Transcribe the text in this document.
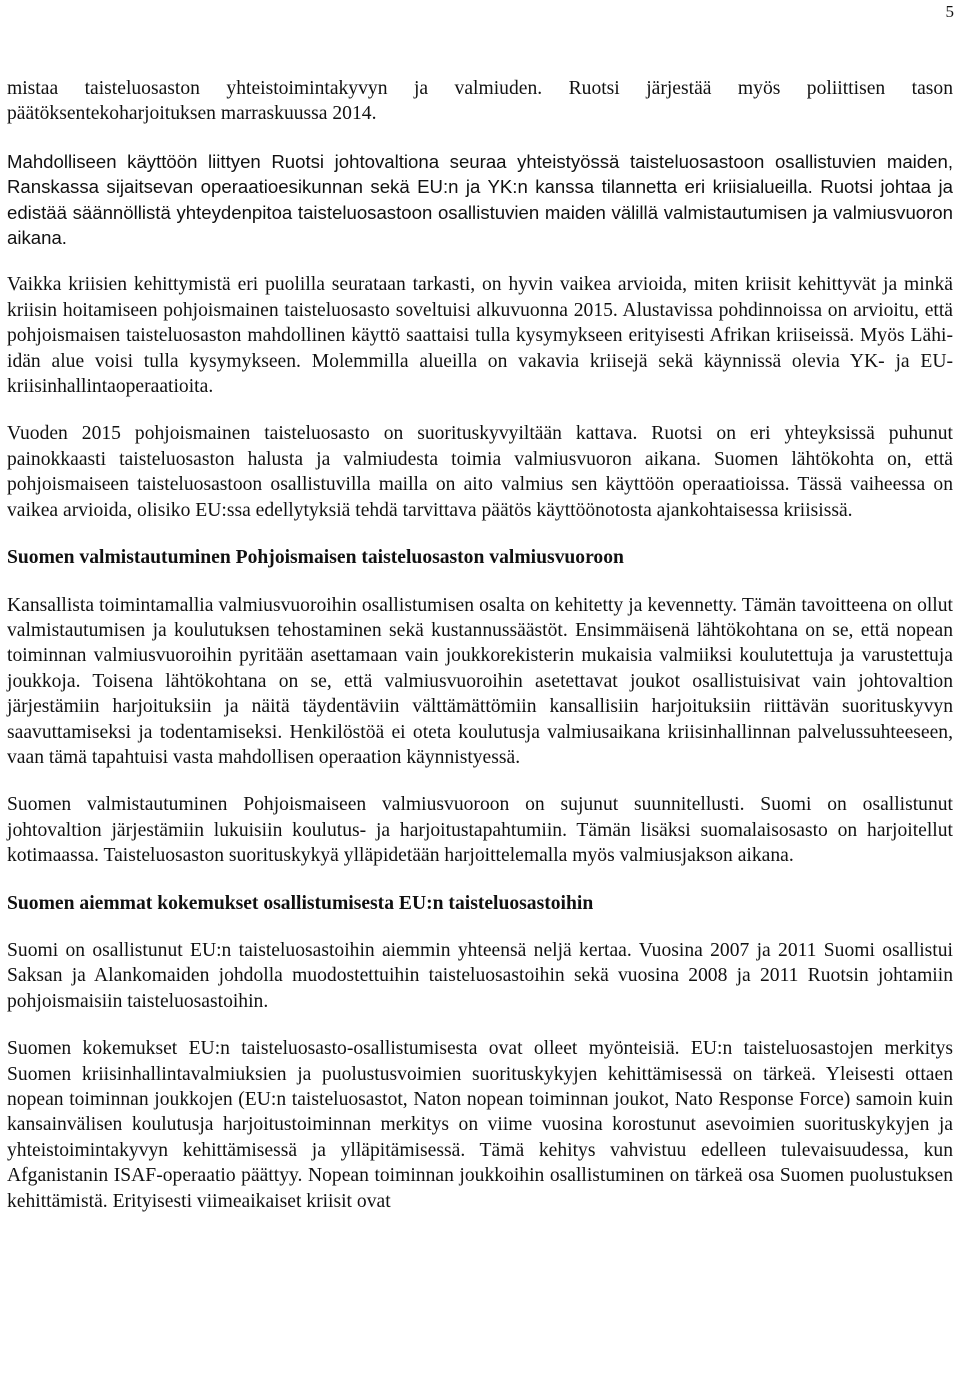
5

mistaa taisteluosaston yhteistoimintakyvyn ja valmiuden. Ruotsi järjestää myös poliittisen tason päätöksentekoharjoituksen marraskuussa 2014.

Mahdolliseen käyttöön liittyen Ruotsi johtovaltiona seuraa yhteistyössä taisteluosastoon osallistuvien maiden, Ranskassa sijaitsevan operaatioesikunnan sekä EU:n ja YK:n kanssa tilannetta eri kriisialueilla. Ruotsi johtaa ja edistää säännöllistä yhteydenpitoa taisteluosastoon osallistuvien maiden välillä valmistautumisen ja valmiusvuoron aikana.

Vaikka kriisien kehittymistä eri puolilla seurataan tarkasti, on hyvin vaikea arvioida, miten kriisit kehittyvät ja minkä kriisin hoitamiseen pohjoismainen taisteluosasto soveltuisi alkuvuonna 2015. Alustavissa pohdinnoissa on arvioitu, että pohjoismaisen taisteluosaston mahdollinen käyttö saattaisi tulla kysymykseen erityisesti Afrikan kriiseissä. Myös Lähi-idän alue voisi tulla kysymykseen. Molemmilla alueilla on vakavia kriisejä sekä käynnissä olevia YK- ja EU-kriisinhallintaoperaatioita.

Vuoden 2015 pohjoismainen taisteluosasto on suorituskyvyiltään kattava. Ruotsi on eri yhteyksissä puhunut painokkaasti taisteluosaston halusta ja valmiudesta toimia valmiusvuoron aikana. Suomen lähtökohta on, että pohjoismaiseen taisteluosastoon osallistuvilla mailla on aito valmius sen käyttöön operaatioissa. Tässä vaiheessa on vaikea arvioida, olisiko EU:ssa edellytyksiä tehdä tarvittava päätös käyttöönotosta ajankohtaisessa kriisissä.

Suomen valmistautuminen Pohjoismaisen taisteluosaston valmiusvuoroon

Kansallista toimintamallia valmiusvuoroihin osallistumisen osalta on kehitetty ja kevennetty. Tämän tavoitteena on ollut valmistautumisen ja koulutuksen tehostaminen sekä kustannussäästöt. Ensimmäisenä lähtökohtana on se, että nopean toiminnan valmiusvuoroihin pyritään asettamaan vain joukkorekisterin mukaisia valmiiksi koulutettuja ja varustettuja joukkoja. Toisena lähtökohtana on se, että valmiusvuoroihin asetettavat joukot osallistuisivat vain johtovaltion järjestämiin harjoituksiin ja näitä täydentäviin välttämättömiin kansallisiin harjoituksiin riittävän suorituskyvyn saavuttamiseksi ja todentamiseksi. Henkilöstöä ei oteta koulutusja valmiusaikana kriisinhallinnan palvelussuhteeseen, vaan tämä tapahtuisi vasta mahdollisen operaation käynnistyessä.

Suomen valmistautuminen Pohjoismaiseen valmiusvuoroon on sujunut suunnitellusti. Suomi on osallistunut johtovaltion järjestämiin lukuisiin koulutus- ja harjoitustapahtumiin. Tämän lisäksi suomalaisosasto on harjoitellut kotimaassa. Taisteluosaston suorituskykyä ylläpidetään harjoittelemalla myös valmiusjakson aikana.

Suomen aiemmat kokemukset osallistumisesta EU:n taisteluosastoihin

Suomi on osallistunut EU:n taisteluosastoihin aiemmin yhteensä neljä kertaa. Vuosina 2007 ja 2011 Suomi osallistui Saksan ja Alankomaiden johdolla muodostettuihin taisteluosastoihin sekä vuosina 2008 ja 2011 Ruotsin johtamiin pohjoismaisiin taisteluosastoihin.

Suomen kokemukset EU:n taisteluosasto-osallistumisesta ovat olleet myönteisiä. EU:n taisteluosastojen merkitys Suomen kriisinhallintavalmiuksien ja puolustusvoimien suorituskykyjen kehittämisessä on tärkeä. Yleisesti ottaen nopean toiminnan joukkojen (EU:n taisteluosastot, Naton nopean toiminnan joukot, Nato Response Force) samoin kuin kansainvälisen koulutusja harjoitustoiminnan merkitys on viime vuosina korostunut asevoimien suorituskykyjen ja yhteistoimintakyvyn kehittämisessä ja ylläpitämisessä. Tämä kehitys vahvistuu edelleen tulevaisuudessa, kun Afganistanin ISAF-operaatio päättyy. Nopean toiminnan joukkoihin osallistuminen on tärkeä osa Suomen puolustuksen kehittämistä. Erityisesti viimeaikaiset kriisit ovat
